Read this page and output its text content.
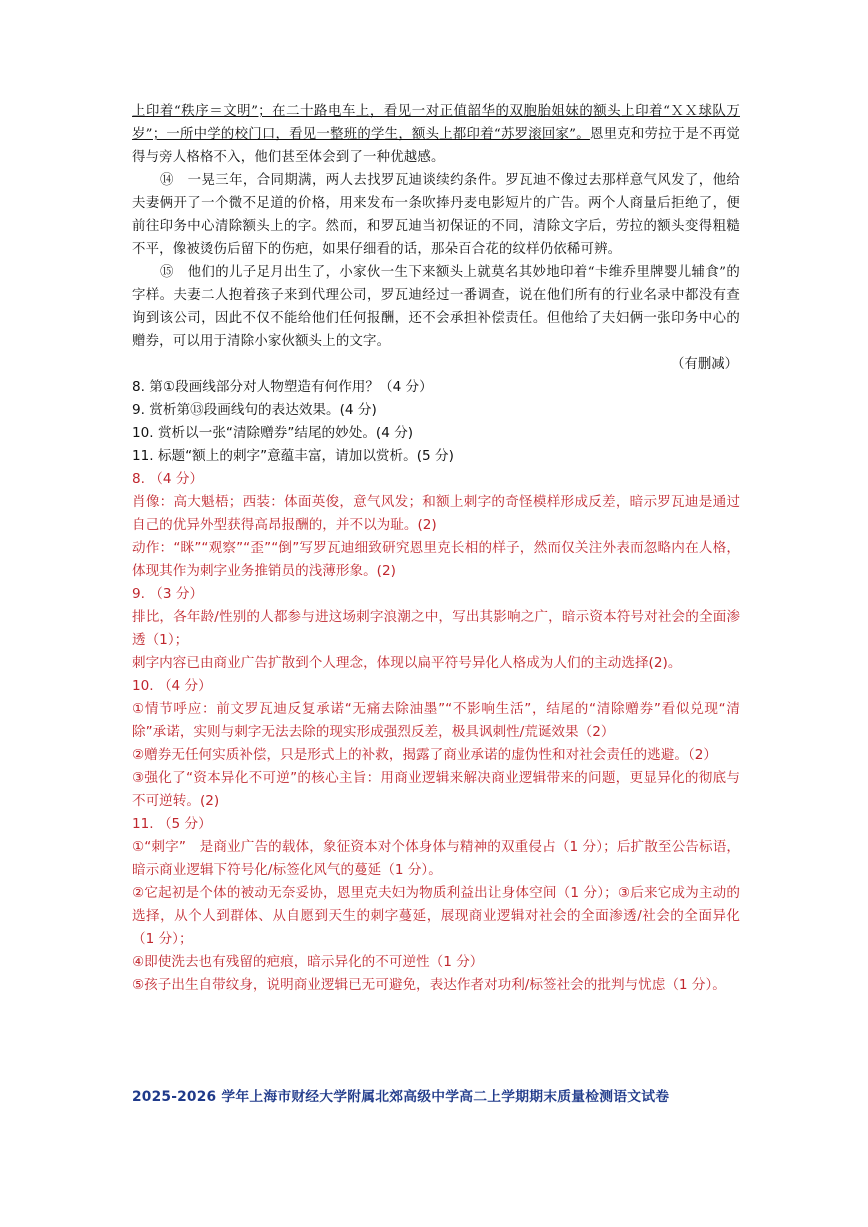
上印着“秩序＝文明”；在二十路电车上，看见一对正值韶华的双胞胎姐妹的额头上印着“ＸＸ球队万岁”；一所中学的校门口，看见一整班的学生，额头上都印着“苏罗滚回家”。恩里克和劳拉于是不再觉得与旁人格格不入，他们甚至体会到了一种优越感。

⑭　一晃三年，合同期满，两人去找罗瓦迪谈续约条件。罗瓦迪不像过去那样意气风发了，他给夫妻俩开了一个微不足道的价格，用来发布一条吹捧丹麦电影短片的广告。两个人商量后拒绝了，便前往印务中心清除额头上的字。然而，和罗瓦迪当初保证的不同，清除文字后，劳拉的额头变得粗糙不平，像被烫伤后留下的伤疤，如果仔细看的话，那朵百合花的纹样仍依稀可辨。

⑮　他们的儿子足月出生了，小家伙一生下来额头上就莫名其妙地印着“卡维乔里牌婴儿辅食”的字样。夫妻二人抱着孩子来到代理公司，罗瓦迪经过一番调查，说在他们所有的行业名录中都没有查询到该公司，因此不仅不能给他们任何报酬，还不会承担补偿责任。但他给了夫妇俩一张印务中心的赠券，可以用于清除小家伙额头上的文字。

（有删减）

8. 第①段画线部分对人物塑造有何作用？（4 分）

9. 赏析第⑬段画线句的表达效果。(4 分)

10. 赏析以一张“清除赠券”结尾的妙处。(4 分)

11. 标题“额上的刺字”意蕴丰富，请加以赏析。(5 分)

8. （4 分）

肖像：高大魁梧；西装：体面英俊，意气风发；和额上刺字的奇怪模样形成反差，暗示罗瓦迪是通过自己的优异外型获得高昂报酬的，并不以为耻。(2)

动作：“眯”“观察”“歪”“倒”写罗瓦迪细致研究恩里克长相的样子，然而仅关注外表而忽略内在人格，体现其作为刺字业务推销员的浅薄形象。(2)

9. （3 分）

排比，各年龄/性别的人都参与进这场刺字浪潮之中，写出其影响之广，暗示资本符号对社会的全面渗透（1）；

刺字内容已由商业广告扩散到个人理念，体现以扁平符号异化人格成为人们的主动选择(2)。

10. （4 分）

①情节呼应：前文罗瓦迪反复承诺“无痛去除油墨”“不影响生活”，结尾的“清除赠券”看似兑现“清除”承诺，实则与刺字无法去除的现实形成强烈反差，极具讽刺性/荒诞效果（2）

②赠券无任何实质补偿，只是形式上的补救，揭露了商业承诺的虚伪性和对社会责任的逃避。（2）

③强化了“资本异化不可逆”的核心主旨：用商业逻辑来解决商业逻辑带来的问题，更显异化的彻底与不可逆转。(2)

11. （5 分）

①“刺字”　是商业广告的载体，象征资本对个体身体与精神的双重侵占（1 分）；后扩散至公告标语，暗示商业逻辑下符号化/标签化风气的蔓延（1 分）。

②它起初是个体的被动无奈妥协，恩里克夫妇为物质利益出让身体空间（1 分）；③后来它成为主动的选择，从个人到群体、从自愿到天生的刺字蔓延，展现商业逻辑对社会的全面渗透/社会的全面异化（1 分）；

④即使洗去也有残留的疤痕，暗示异化的不可逆性（1 分）

⑤孩子出生自带纹身，说明商业逻辑已无可避免，表达作者对功利/标签社会的批判与忧虑（1 分）。

2025-2026 学年上海市财经大学附属北郊高级中学高二上学期期末质量检测语文试卷
